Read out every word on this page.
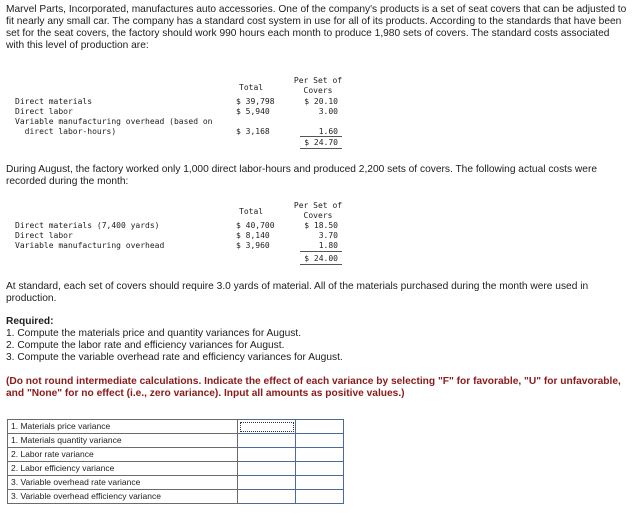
Marvel Parts, Incorporated, manufactures auto accessories. One of the company's products is a set of seat covers that can be adjusted to fit nearly any small car. The company has a standard cost system in use for all of its products. According to the standards that have been set for the seat covers, the factory should work 990 hours each month to produce 1,980 sets of covers. The standard costs associated with this level of production are:
Total
Per Set of
Covers
Direct materials	$ 39,798	$ 20.10
Direct labor	$ 5,940	3.00
Variable manufacturing overhead (based on
direct labor-hours)	$ 3,168	1.60
$ 24.70
During August, the factory worked only 1,000 direct labor-hours and produced 2,200 sets of covers. The following actual costs were recorded during the month:
Total
Per Set of
Covers
Direct materials (7,400 yards)	$ 40,700	$ 18.50
Direct labor	$ 8,140	3.70
Variable manufacturing overhead	$ 3,960	1.80
$ 24.00
At standard, each set of covers should require 3.0 yards of material. All of the materials purchased during the month were used in production.
Required:
1. Compute the materials price and quantity variances for August.
2. Compute the labor rate and efficiency variances for August.
3. Compute the variable overhead rate and efficiency variances for August.
(Do not round intermediate calculations. Indicate the effect of each variance by selecting "F" for favorable, "U" for unfavorable, and "None" for no effect (i.e., zero variance). Input all amounts as positive values.)
1. Materials price variance		
1. Materials quantity variance		
2. Labor rate variance		
2. Labor efficiency variance		
3. Variable overhead rate variance		
3. Variable overhead efficiency variance		
